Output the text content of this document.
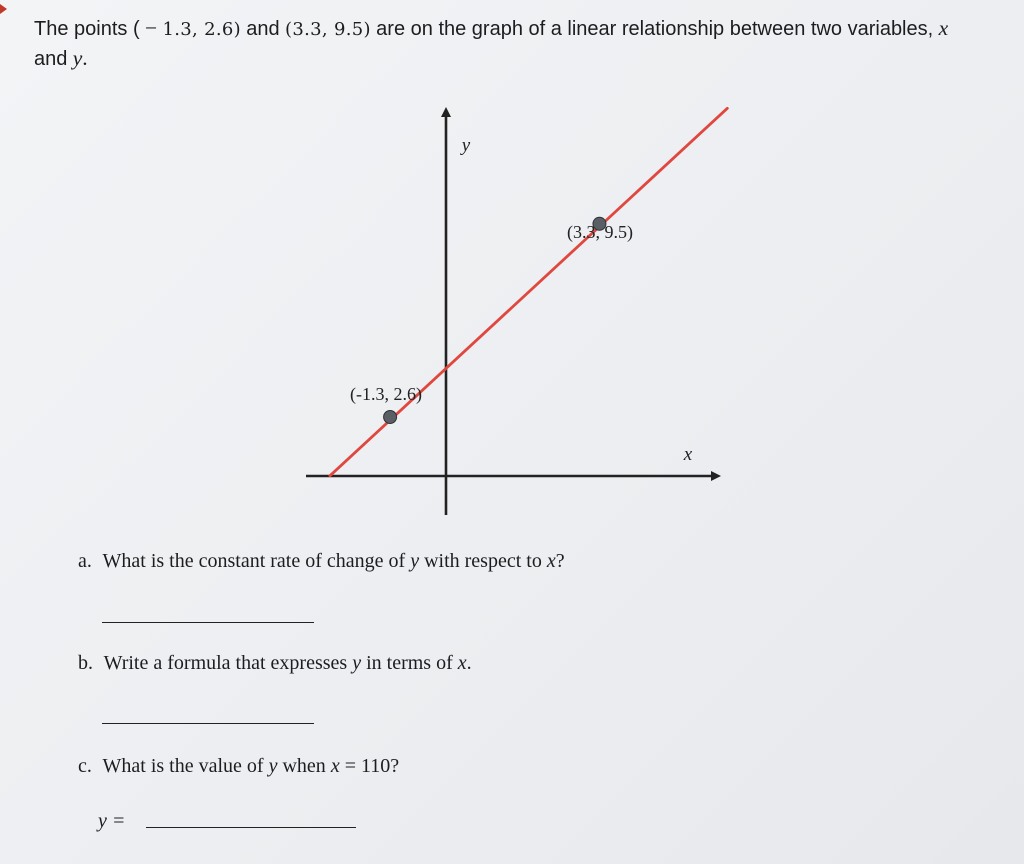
The points ( − 1.3, 2.6) and (3.3, 9.5) are on the graph of a linear relationship between two variables, x
and y.

y
x
(-1.3, 2.6)
(3.3, 9.5)
a. What is the constant rate of change of y with respect to x?
b. Write a formula that expresses y in terms of x.
c. What is the value of y when x = 110?
y =
